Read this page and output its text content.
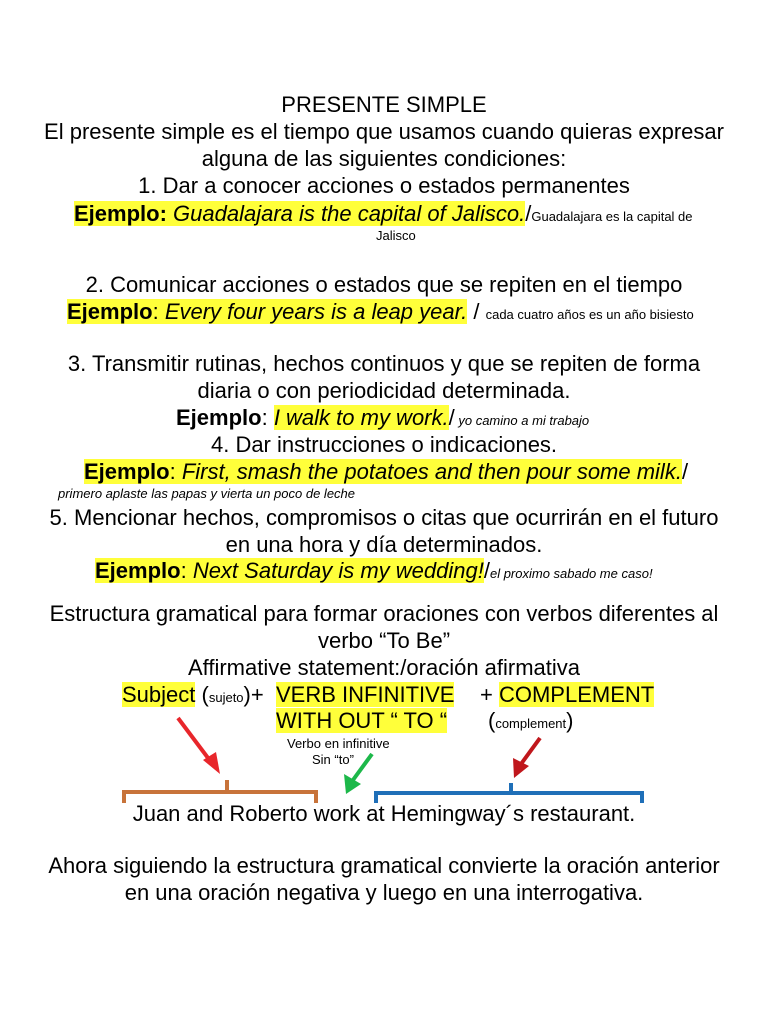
PRESENTE SIMPLE
El presente simple es el tiempo que usamos cuando quieras expresar
alguna de las siguientes condiciones:
1. Dar a conocer acciones o estados permanentes
Ejemplo: Guadalajara is the capital of Jalisco./Guadalajara es la capital de
Jalisco
2. Comunicar acciones o estados que se repiten en el tiempo
Ejemplo: Every four years is a leap year. / cada cuatro años es un año bisiesto
3. Transmitir rutinas, hechos continuos y que se repiten de forma
diaria o con periodicidad determinada.
Ejemplo: I walk to my work./ yo camino a mi trabajo
4. Dar instrucciones o indicaciones.
Ejemplo: First, smash the potatoes and then pour some milk./
primero aplaste las papas y vierta un poco de leche
5. Mencionar hechos, compromisos o citas que ocurrirán en el futuro
en una hora y día determinados.
Ejemplo: Next Saturday is my wedding!/el proximo sabado me caso!
Estructura gramatical para formar oraciones con verbos diferentes al
verbo “To Be”
Affirmative statement:/oración afirmativa
Subject (sujeto)+ VERB INFINITIVE
WITH OUT “ TO “
+ COMPLEMENT
(complement)
Verbo en infinitive
Sin “to”
Juan and Roberto work at Hemingway´s restaurant.
Ahora siguiendo la estructura gramatical convierte la oración anterior
en una oración negativa y luego en una interrogativa.
